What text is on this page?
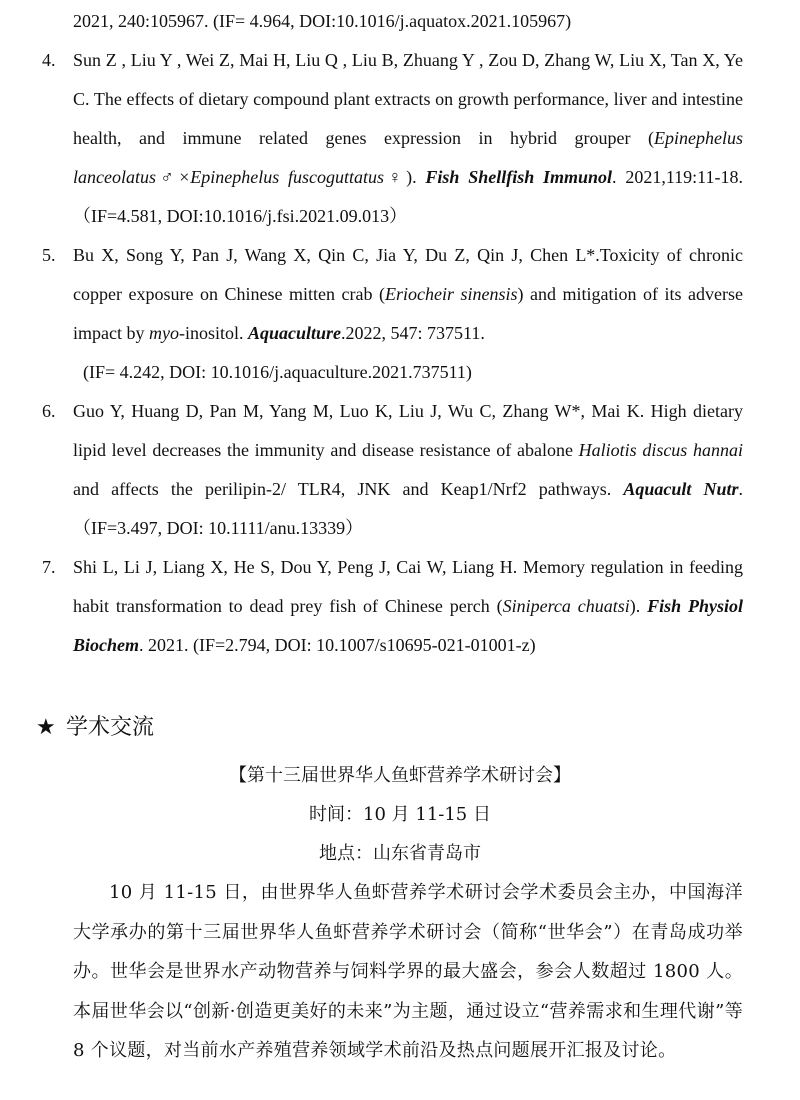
2021, 240:105967. (IF= 4.964, DOI:10.1016/j.aquatox.2021.105967)
4. Sun Z , Liu Y , Wei Z, Mai H, Liu Q , Liu B, Zhuang Y , Zou D, Zhang W, Liu X, Tan X, Ye C. The effects of dietary compound plant extracts on growth performance, liver and intestine health, and immune related genes expression in hybrid grouper (Epinephelus lanceolatus♂×Epinephelus fuscoguttatus♀). Fish Shellfish Immunol. 2021,119:11-18.（IF=4.581, DOI:10.1016/j.fsi.2021.09.013）
5. Bu X, Song Y, Pan J, Wang X, Qin C, Jia Y, Du Z, Qin J, Chen L*.Toxicity of chronic copper exposure on Chinese mitten crab (Eriocheir sinensis) and mitigation of its adverse impact by myo-inositol. Aquaculture.2022, 547: 737511.
(IF= 4.242, DOI: 10.1016/j.aquaculture.2021.737511)
6. Guo Y, Huang D, Pan M, Yang M, Luo K, Liu J, Wu C, Zhang W*, Mai K. High dietary lipid level decreases the immunity and disease resistance of abalone Haliotis discus hannai and affects the perilipin-2/ TLR4, JNK and Keap1/Nrf2 pathways. Aquacult Nutr.（IF=3.497, DOI: 10.1111/anu.13339）
7. Shi L, Li J, Liang X, He S, Dou Y, Peng J, Cai W, Liang H. Memory regulation in feeding habit transformation to dead prey fish of Chinese perch (Siniperca chuatsi). Fish Physiol Biochem. 2021. (IF=2.794, DOI: 10.1007/s10695-021-01001-z)
★ 学术交流
【第十三届世界华人鱼虾营养学术研讨会】
时间：10 月 11-15 日
地点：山东省青岛市
10 月 11-15 日，由世界华人鱼虾营养学术研讨会学术委员会主办，中国海洋大学承办的第十三届世界华人鱼虾营养学术研讨会（简称“世华会”）在青岛成功举办。世华会是世界水产动物营养与饲料学界的最大盛会，参会人数超过 1800 人。本届世华会以“创新·创造更美好的未来”为主题，通过设立“营养需求和生理代谢”等 8 个议题，对当前水产养殖营养领域学术前沿及热点问题展开汇报及讨论。
